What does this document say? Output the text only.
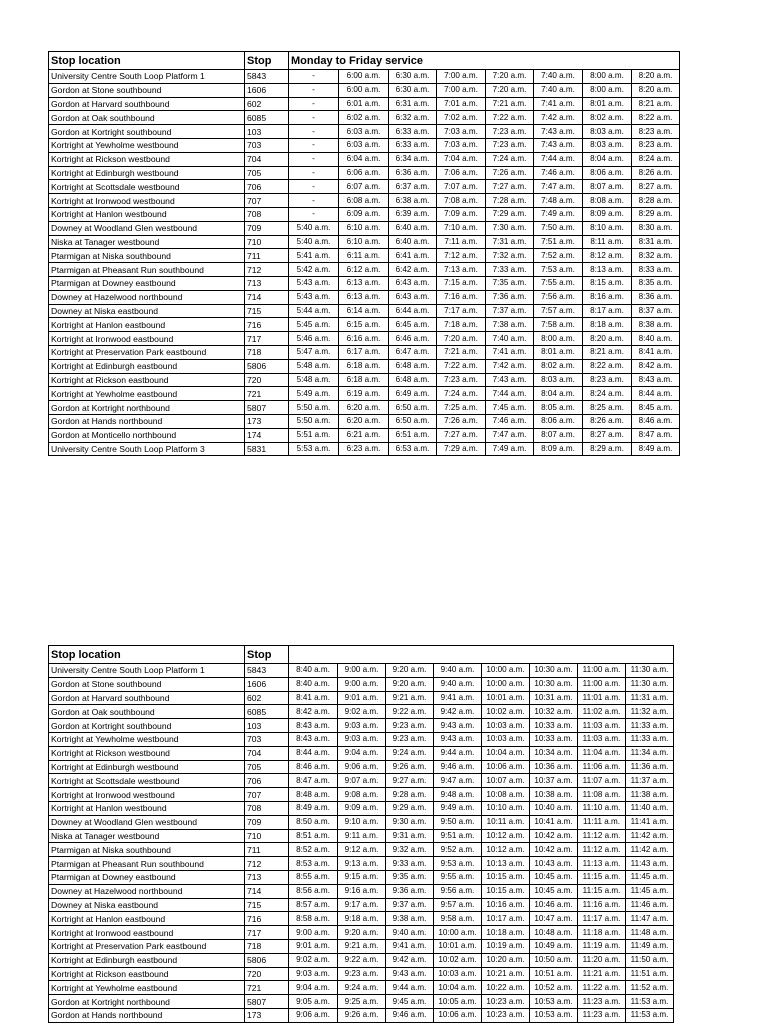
Stop location	Stop	Monday to Friday service							
University Centre South Loop Platform 1	5843	-	6:00 a.m.	6:30 a.m.	7:00 a.m.	7:20 a.m.	7:40 a.m.	8:00 a.m.	8:20 a.m.
Gordon at Stone southbound	1606	-	6:00 a.m.	6:30 a.m.	7:00 a.m.	7:20 a.m.	7:40 a.m.	8:00 a.m.	8:20 a.m.
Gordon at Harvard southbound	602	-	6:01 a.m.	6:31 a.m.	7:01 a.m.	7:21 a.m.	7:41 a.m.	8:01 a.m.	8:21 a.m.
Gordon at Oak southbound	6085	-	6:02 a.m.	6:32 a.m.	7:02 a.m.	7:22 a.m.	7:42 a.m.	8:02 a.m.	8:22 a.m.
Gordon at Kortright southbound	103	-	6:03 a.m.	6:33 a.m.	7:03 a.m.	7:23 a.m.	7:43 a.m.	8:03 a.m.	8:23 a.m.
Kortright at Yewholme westbound	703	-	6:03 a.m.	6:33 a.m.	7:03 a.m.	7:23 a.m.	7:43 a.m.	8:03 a.m.	8:23 a.m.
Kortright at Rickson westbound	704	-	6:04 a.m.	6:34 a.m.	7:04 a.m.	7:24 a.m.	7:44 a.m.	8:04 a.m.	8:24 a.m.
Kortright at Edinburgh westbound	705	-	6:06 a.m.	6:36 a.m.	7:06 a.m.	7:26 a.m.	7:46 a.m.	8:06 a.m.	8:26 a.m.
Kortright at Scottsdale westbound	706	-	6:07 a.m.	6:37 a.m.	7:07 a.m.	7:27 a.m.	7:47 a.m.	8:07 a.m.	8:27 a.m.
Kortright at Ironwood westbound	707	-	6:08 a.m.	6:38 a.m.	7:08 a.m.	7:28 a.m.	7:48 a.m.	8:08 a.m.	8:28 a.m.
Kortright at Hanlon westbound	708	-	6:09 a.m.	6:39 a.m.	7:09 a.m.	7:29 a.m.	7:49 a.m.	8:09 a.m.	8:29 a.m.
Downey at Woodland Glen westbound	709	5:40 a.m.	6:10 a.m.	6:40 a.m.	7:10 a.m.	7:30 a.m.	7:50 a.m.	8:10 a.m.	8:30 a.m.
Niska at Tanager westbound	710	5:40 a.m.	6:10 a.m.	6:40 a.m.	7:11 a.m.	7:31 a.m.	7:51 a.m.	8:11 a.m.	8:31 a.m.
Ptarmigan at Niska southbound	711	5:41 a.m.	6:11 a.m.	6:41 a.m.	7:12 a.m.	7:32 a.m.	7:52 a.m.	8:12 a.m.	8:32 a.m.
Ptarmigan at Pheasant Run southbound	712	5:42 a.m.	6:12 a.m.	6:42 a.m.	7:13 a.m.	7:33 a.m.	7:53 a.m.	8:13 a.m.	8:33 a.m.
Ptarmigan at Downey eastbound	713	5:43 a.m.	6:13 a.m.	6:43 a.m.	7:15 a.m.	7:35 a.m.	7:55 a.m.	8:15 a.m.	8:35 a.m.
Downey at Hazelwood northbound	714	5:43 a.m.	6:13 a.m.	6:43 a.m.	7:16 a.m.	7:36 a.m.	7:56 a.m.	8:16 a.m.	8:36 a.m.
Downey at Niska eastbound	715	5:44 a.m.	6:14 a.m.	6:44 a.m.	7:17 a.m.	7:37 a.m.	7:57 a.m.	8:17 a.m.	8:37 a.m.
Kortright at Hanlon eastbound	716	5:45 a.m.	6:15 a.m.	6:45 a.m.	7:18 a.m.	7:38 a.m.	7:58 a.m.	8:18 a.m.	8:38 a.m.
Kortright at Ironwood eastbound	717	5:46 a.m.	6:16 a.m.	6:46 a.m.	7:20 a.m.	7:40 a.m.	8:00 a.m.	8:20 a.m.	8:40 a.m.
Kortright at Preservation Park eastbound	718	5:47 a.m.	6:17 a.m.	6:47 a.m.	7:21 a.m.	7:41 a.m.	8:01 a.m.	8:21 a.m.	8:41 a.m.
Kortright at Edinburgh eastbound	5806	5:48 a.m.	6:18 a.m.	6:48 a.m.	7:22 a.m.	7:42 a.m.	8:02 a.m.	8:22 a.m.	8:42 a.m.
Kortright at Rickson eastbound	720	5:48 a.m.	6:18 a.m.	6:48 a.m.	7:23 a.m.	7:43 a.m.	8:03 a.m.	8:23 a.m.	8:43 a.m.
Kortright at Yewholme eastbound	721	5:49 a.m.	6:19 a.m.	6:49 a.m.	7:24 a.m.	7:44 a.m.	8:04 a.m.	8:24 a.m.	8:44 a.m.
Gordon at Kortright northbound	5807	5:50 a.m.	6:20 a.m.	6:50 a.m.	7:25 a.m.	7:45 a.m.	8:05 a.m.	8:25 a.m.	8:45 a.m.
Gordon at Hands northbound	173	5:50 a.m.	6:20 a.m.	6:50 a.m.	7:26 a.m.	7:46 a.m.	8:06 a.m.	8:26 a.m.	8:46 a.m.
Gordon at Monticello northbound	174	5:51 a.m.	6:21 a.m.	6:51 a.m.	7:27 a.m.	7:47 a.m.	8:07 a.m.	8:27 a.m.	8:47 a.m.
University Centre South Loop Platform 3	5831	5:53 a.m.	6:23 a.m.	6:53 a.m.	7:29 a.m.	7:49 a.m.	8:09 a.m.	8:29 a.m.	8:49 a.m.
Stop location	Stop								
University Centre South Loop Platform 1	5843	8:40 a.m.	9:00 a.m.	9:20 a.m.	9:40 a.m.	10:00 a.m.	10:30 a.m.	11:00 a.m.	11:30 a.m.
Gordon at Stone southbound	1606	8:40 a.m.	9:00 a.m.	9:20 a.m.	9:40 a.m.	10:00 a.m.	10:30 a.m.	11:00 a.m.	11:30 a.m.
Gordon at Harvard southbound	602	8:41 a.m.	9:01 a.m.	9:21 a.m.	9:41 a.m.	10:01 a.m.	10:31 a.m.	11:01 a.m.	11:31 a.m.
Gordon at Oak southbound	6085	8:42 a.m.	9:02 a.m.	9:22 a.m.	9:42 a.m.	10:02 a.m.	10:32 a.m.	11:02 a.m.	11:32 a.m.
Gordon at Kortright southbound	103	8:43 a.m.	9:03 a.m.	9:23 a.m.	9:43 a.m.	10:03 a.m.	10:33 a.m.	11:03 a.m.	11:33 a.m.
Kortright at Yewholme westbound	703	8:43 a.m.	9:03 a.m.	9:23 a.m.	9:43 a.m.	10:03 a.m.	10:33 a.m.	11:03 a.m.	11:33 a.m.
Kortright at Rickson westbound	704	8:44 a.m.	9:04 a.m.	9:24 a.m.	9:44 a.m.	10:04 a.m.	10:34 a.m.	11:04 a.m.	11:34 a.m.
Kortright at Edinburgh westbound	705	8:46 a.m.	9:06 a.m.	9:26 a.m.	9:46 a.m.	10:06 a.m.	10:36 a.m.	11:06 a.m.	11:36 a.m.
Kortright at Scottsdale westbound	706	8:47 a.m.	9:07 a.m.	9:27 a.m.	9:47 a.m.	10:07 a.m.	10:37 a.m.	11:07 a.m.	11:37 a.m.
Kortright at Ironwood westbound	707	8:48 a.m.	9:08 a.m.	9:28 a.m.	9:48 a.m.	10:08 a.m.	10:38 a.m.	11:08 a.m.	11:38 a.m.
Kortright at Hanlon westbound	708	8:49 a.m.	9:09 a.m.	9:29 a.m.	9:49 a.m.	10:10 a.m.	10:40 a.m.	11:10 a.m.	11:40 a.m.
Downey at Woodland Glen westbound	709	8:50 a.m.	9:10 a.m.	9:30 a.m.	9:50 a.m.	10:11 a.m.	10:41 a.m.	11:11 a.m.	11:41 a.m.
Niska at Tanager westbound	710	8:51 a.m.	9:11 a.m.	9:31 a.m.	9:51 a.m.	10:12 a.m.	10:42 a.m.	11:12 a.m.	11:42 a.m.
Ptarmigan at Niska southbound	711	8:52 a.m.	9:12 a.m.	9:32 a.m.	9:52 a.m.	10:12 a.m.	10:42 a.m.	11:12 a.m.	11:42 a.m.
Ptarmigan at Pheasant Run southbound	712	8:53 a.m.	9:13 a.m.	9:33 a.m.	9:53 a.m.	10:13 a.m.	10:43 a.m.	11:13 a.m.	11:43 a.m.
Ptarmigan at Downey eastbound	713	8:55 a.m.	9:15 a.m.	9:35 a.m.	9:55 a.m.	10:15 a.m.	10:45 a.m.	11:15 a.m.	11:45 a.m.
Downey at Hazelwood northbound	714	8:56 a.m.	9:16 a.m.	9:36 a.m.	9:56 a.m.	10:15 a.m.	10:45 a.m.	11:15 a.m.	11:45 a.m.
Downey at Niska eastbound	715	8:57 a.m.	9:17 a.m.	9:37 a.m.	9:57 a.m.	10:16 a.m.	10:46 a.m.	11:16 a.m.	11:46 a.m.
Kortright at Hanlon eastbound	716	8:58 a.m.	9:18 a.m.	9:38 a.m.	9:58 a.m.	10:17 a.m.	10:47 a.m.	11:17 a.m.	11:47 a.m.
Kortright at Ironwood eastbound	717	9:00 a.m.	9:20 a.m.	9:40 a.m.	10:00 a.m.	10:18 a.m.	10:48 a.m.	11:18 a.m.	11:48 a.m.
Kortright at Preservation Park eastbound	718	9:01 a.m.	9:21 a.m.	9:41 a.m.	10:01 a.m.	10:19 a.m.	10:49 a.m.	11:19 a.m.	11:49 a.m.
Kortright at Edinburgh eastbound	5806	9:02 a.m.	9:22 a.m.	9:42 a.m.	10:02 a.m.	10:20 a.m.	10:50 a.m.	11:20 a.m.	11:50 a.m.
Kortright at Rickson eastbound	720	9:03 a.m.	9:23 a.m.	9:43 a.m.	10:03 a.m.	10:21 a.m.	10:51 a.m.	11:21 a.m.	11:51 a.m.
Kortright at Yewholme eastbound	721	9:04 a.m.	9:24 a.m.	9:44 a.m.	10:04 a.m.	10:22 a.m.	10:52 a.m.	11:22 a.m.	11:52 a.m.
Gordon at Kortright northbound	5807	9:05 a.m.	9:25 a.m.	9:45 a.m.	10:05 a.m.	10:23 a.m.	10:53 a.m.	11:23 a.m.	11:53 a.m.
Gordon at Hands northbound	173	9:06 a.m.	9:26 a.m.	9:46 a.m.	10:06 a.m.	10:23 a.m.	10:53 a.m.	11:23 a.m.	11:53 a.m.
